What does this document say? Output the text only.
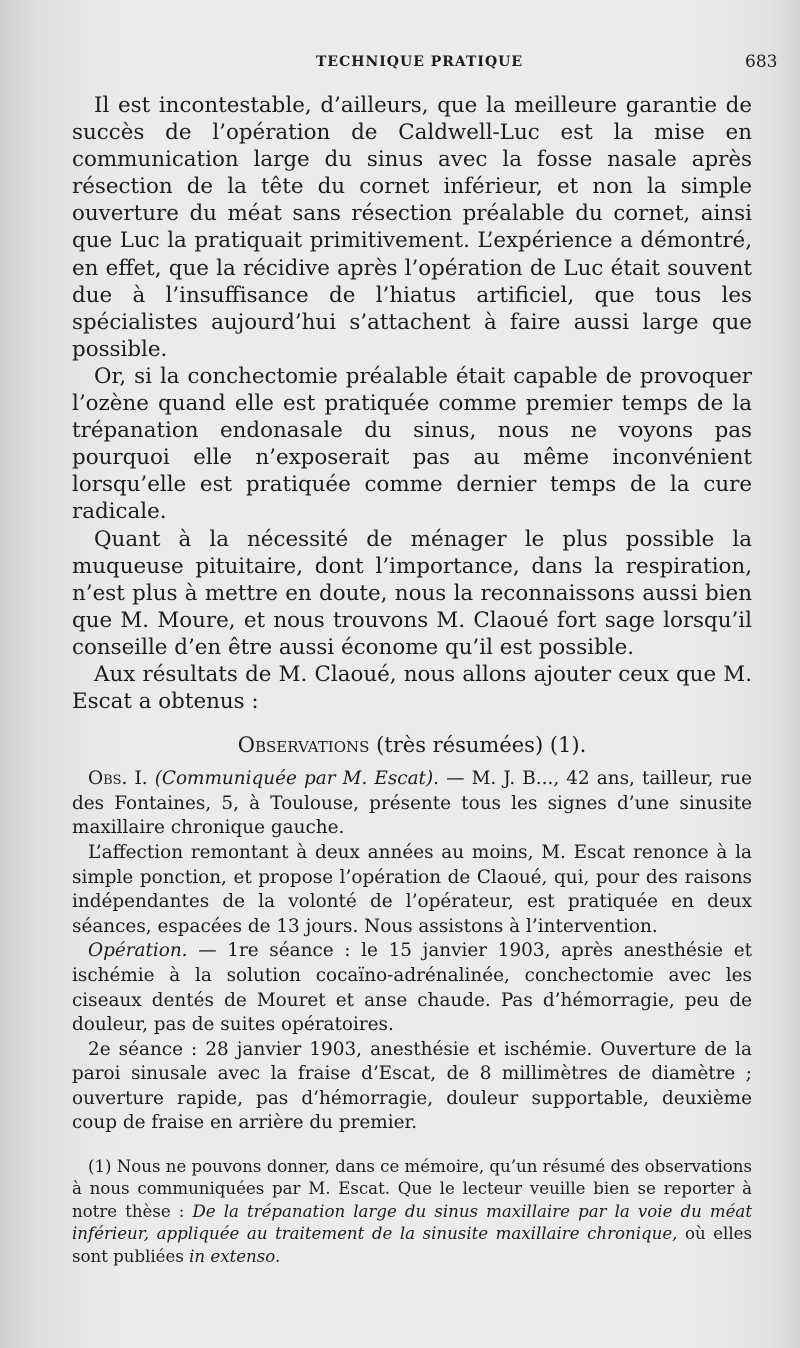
TECHNIQUE PRATIQUE	683

Il est incontestable, d’ailleurs, que la meilleure garantie de succès de l’opération de Caldwell-Luc est la mise en communication large du sinus avec la fosse nasale après résection de la tête du cornet inférieur, et non la simple ouverture du méat sans résection préalable du cornet, ainsi que Luc la pratiquait primitivement. L’expérience a démontré, en effet, que la récidive après l’opération de Luc était souvent due à l’insuffisance de l’hiatus artificiel, que tous les spécialistes aujourd’hui s’attachent à faire aussi large que possible.

Or, si la conchectomie préalable était capable de provoquer l’ozène quand elle est pratiquée comme premier temps de la trépanation endonasale du sinus, nous ne voyons pas pourquoi elle n’exposerait pas au même inconvénient lorsqu’elle est pratiquée comme dernier temps de la cure radicale.

Quant à la nécessité de ménager le plus possible la muqueuse pituitaire, dont l’importance, dans la respiration, n’est plus à mettre en doute, nous la reconnaissons aussi bien que M. Moure, et nous trouvons M. Claoué fort sage lorsqu’il conseille d’en être aussi économe qu’il est possible.

Aux résultats de M. Claoué, nous allons ajouter ceux que M. Escat a obtenus :

Observations (très résumées) (1).

Obs. I. (Communiquée par M. Escat). — M. J. B..., 42 ans, tailleur, rue des Fontaines, 5, à Toulouse, présente tous les signes d’une sinusite maxillaire chronique gauche.

L’affection remontant à deux années au moins, M. Escat renonce à la simple ponction, et propose l’opération de Claoué, qui, pour des raisons indépendantes de la volonté de l’opérateur, est pratiquée en deux séances, espacées de 13 jours. Nous assistons à l’intervention.

Opération. — 1re séance : le 15 janvier 1903, après anesthésie et ischémie à la solution cocaïno-adrénalinée, conchectomie avec les ciseaux dentés de Mouret et anse chaude. Pas d’hémorragie, peu de douleur, pas de suites opératoires.

2e séance : 28 janvier 1903, anesthésie et ischémie. Ouverture de la paroi sinusale avec la fraise d’Escat, de 8 millimètres de diamètre ; ouverture rapide, pas d’hémorragie, douleur supportable, deuxième coup de fraise en arrière du premier.

(1) Nous ne pouvons donner, dans ce mémoire, qu’un résumé des observations à nous communiquées par M. Escat. Que le lecteur veuille bien se reporter à notre thèse : De la trépanation large du sinus maxillaire par la voie du méat inférieur, appliquée au traitement de la sinusite maxillaire chronique, où elles sont publiées in extenso.
